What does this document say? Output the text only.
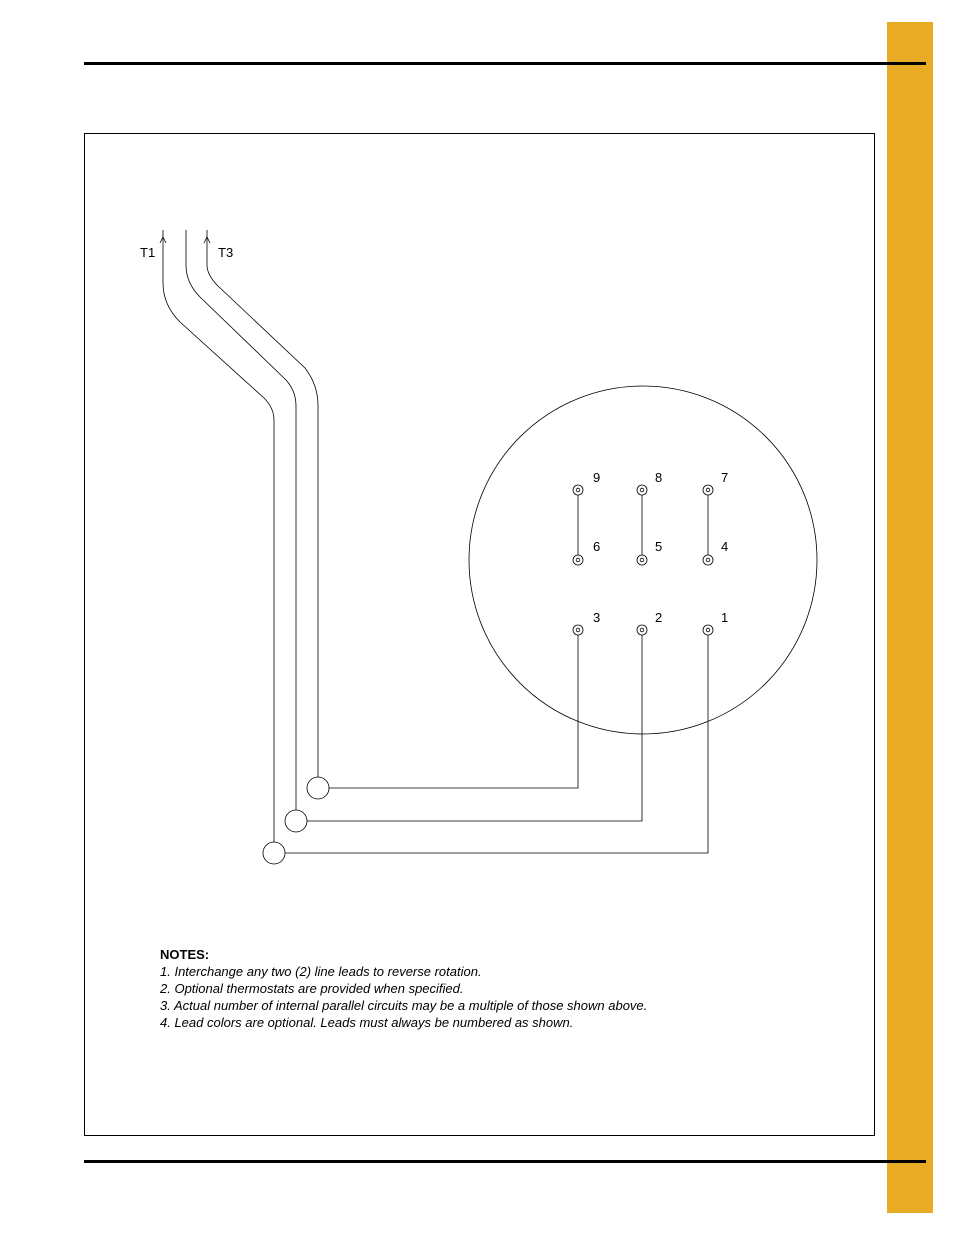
T1	T3
9	8	7
6	5	4
3	2	1
NOTES:
1. Interchange any two (2) line leads to reverse rotation.
2. Optional thermostats are provided when specified.
3. Actual number of internal parallel circuits may be a multiple of those shown above.
4. Lead colors are optional. Leads must always be numbered as shown.
